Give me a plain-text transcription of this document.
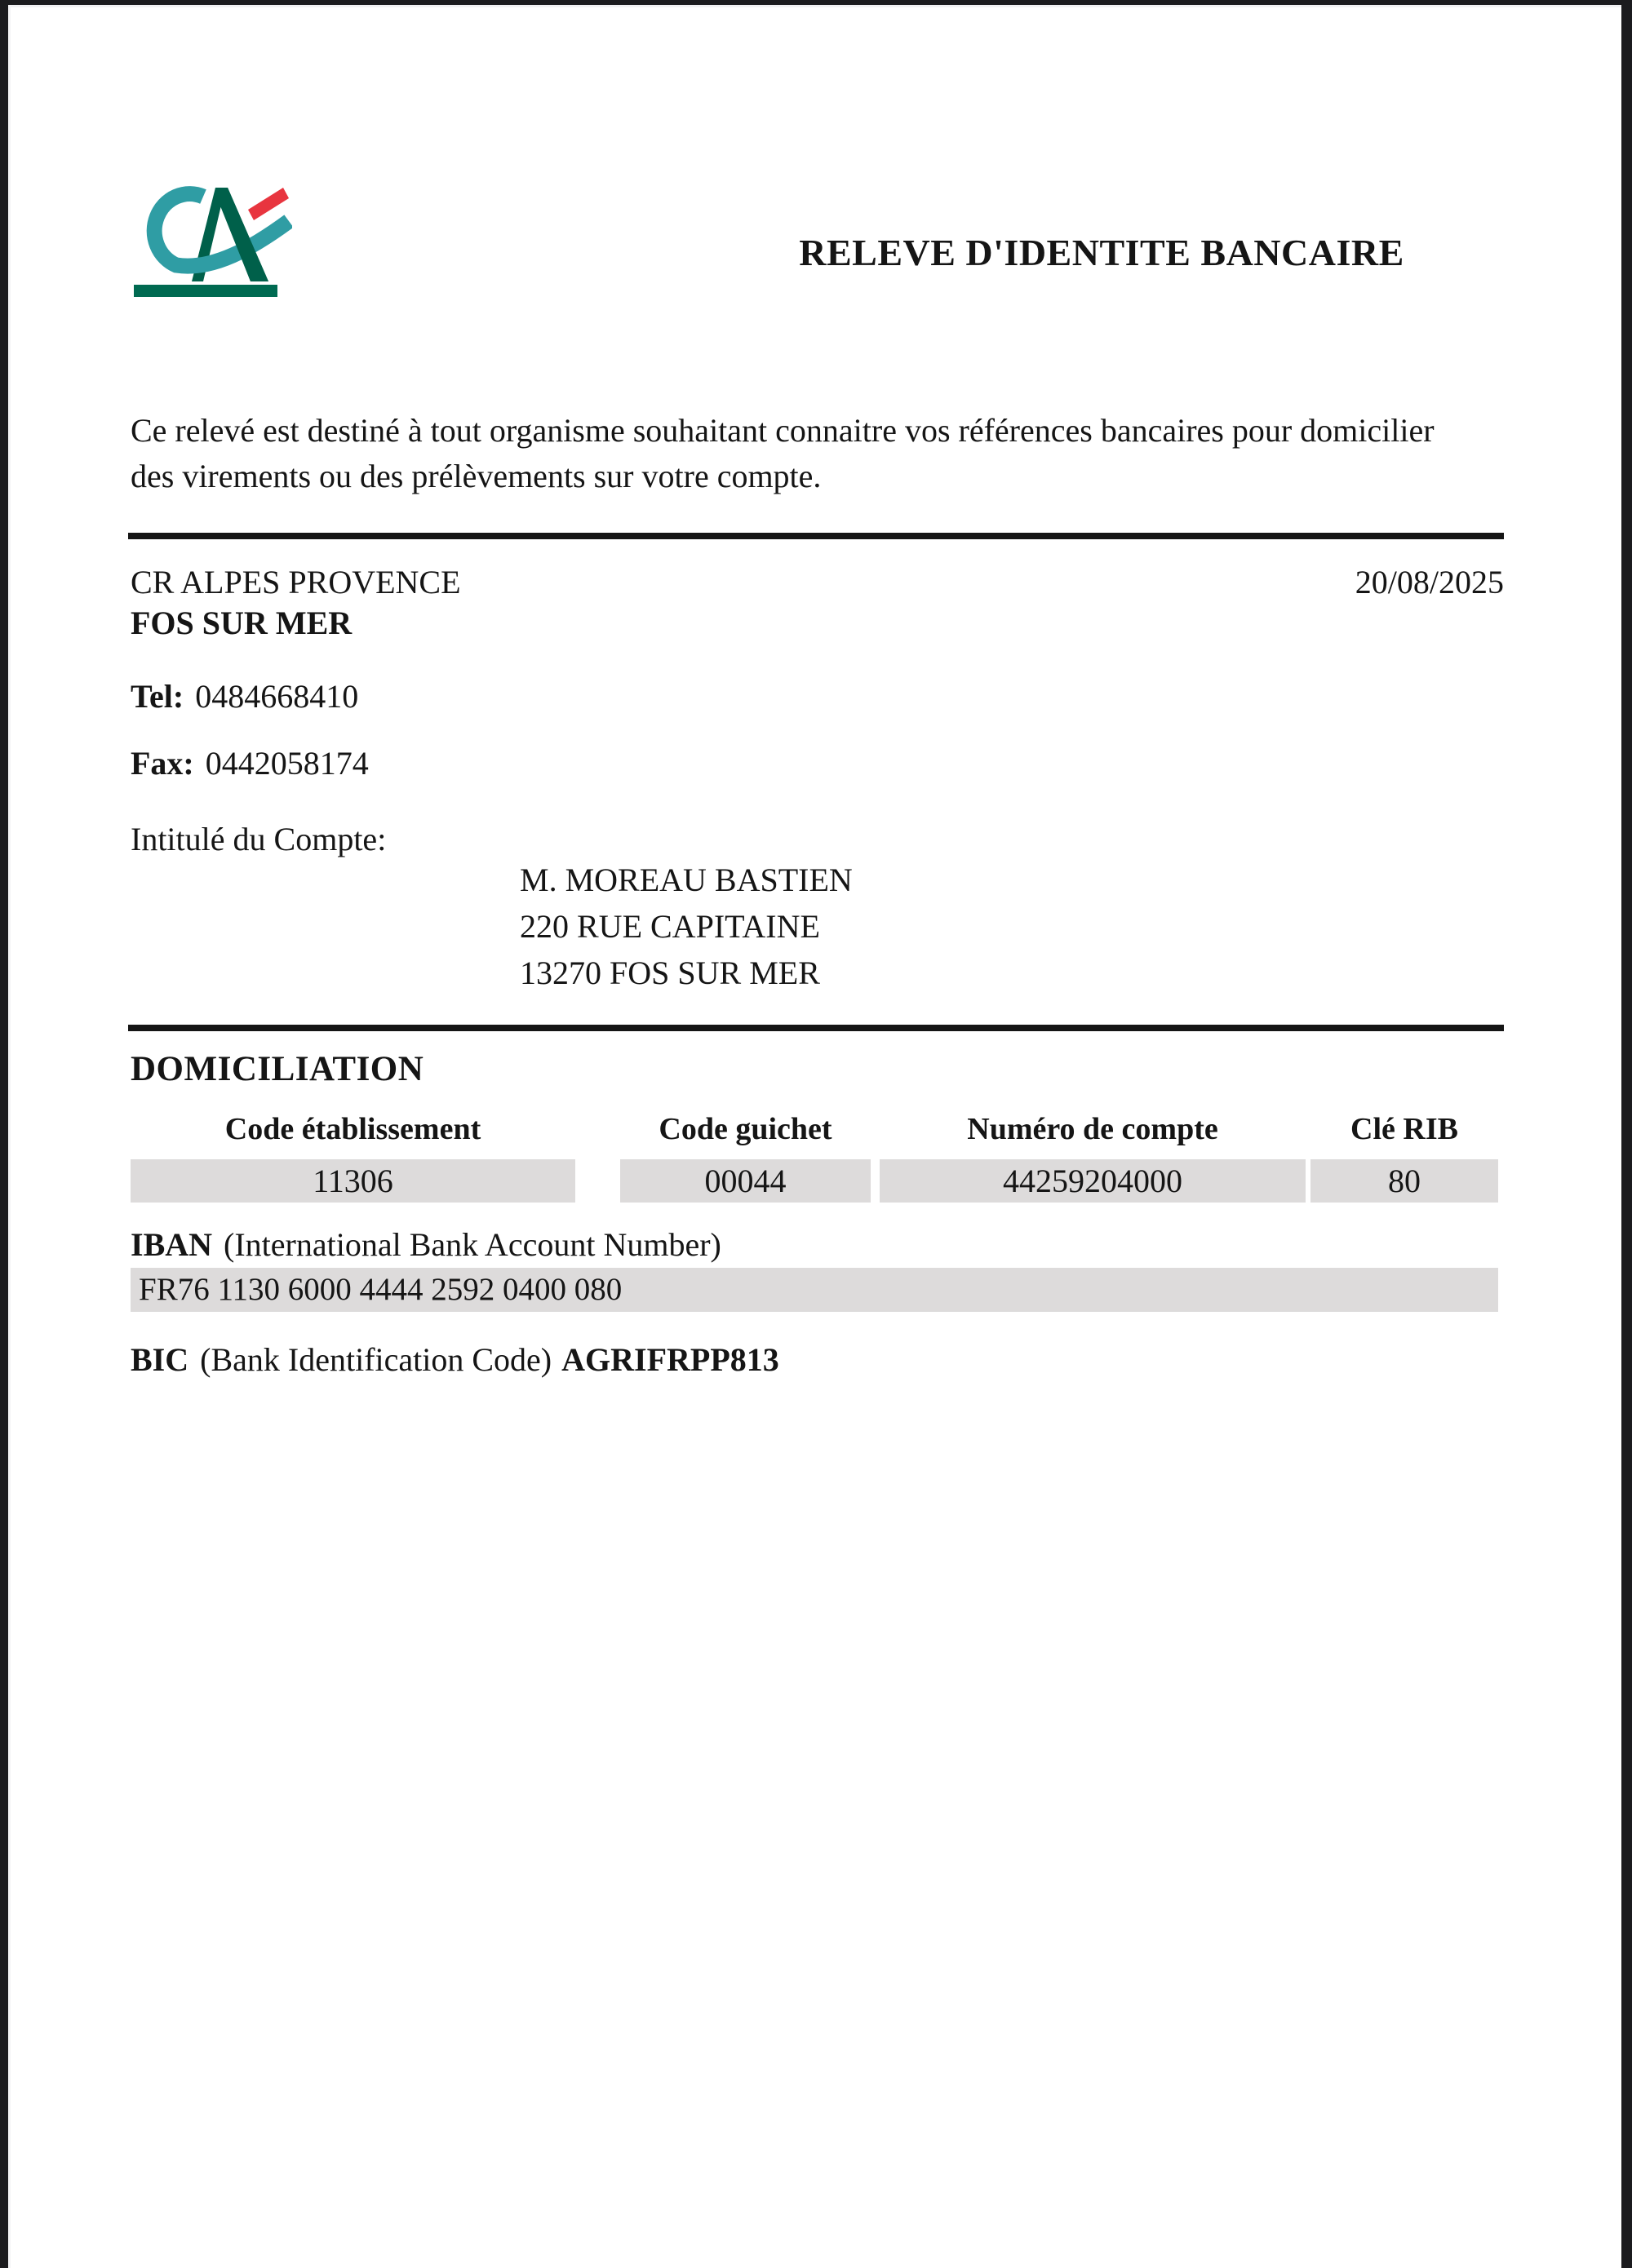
RELEVE D'IDENTITE BANCAIRE
Ce relevé est destiné à tout organisme souhaitant connaitre vos références bancaires pour domicilier des virements ou des prélèvements sur votre compte.
CR ALPES PROVENCE	20/08/2025
FOS SUR MER
Tel: 0484668410
Fax: 0442058174
Intitulé du Compte:
M. MOREAU BASTIEN
220 RUE CAPITAINE
13270 FOS SUR MER
DOMICILIATION
Code établissement	Code guichet	Numéro de compte	Clé RIB
11306	00044	44259204000	80
IBAN (International Bank Account Number)
FR76 1130 6000 4444 2592 0400 080
BIC (Bank Identification Code) AGRIFRPP813
